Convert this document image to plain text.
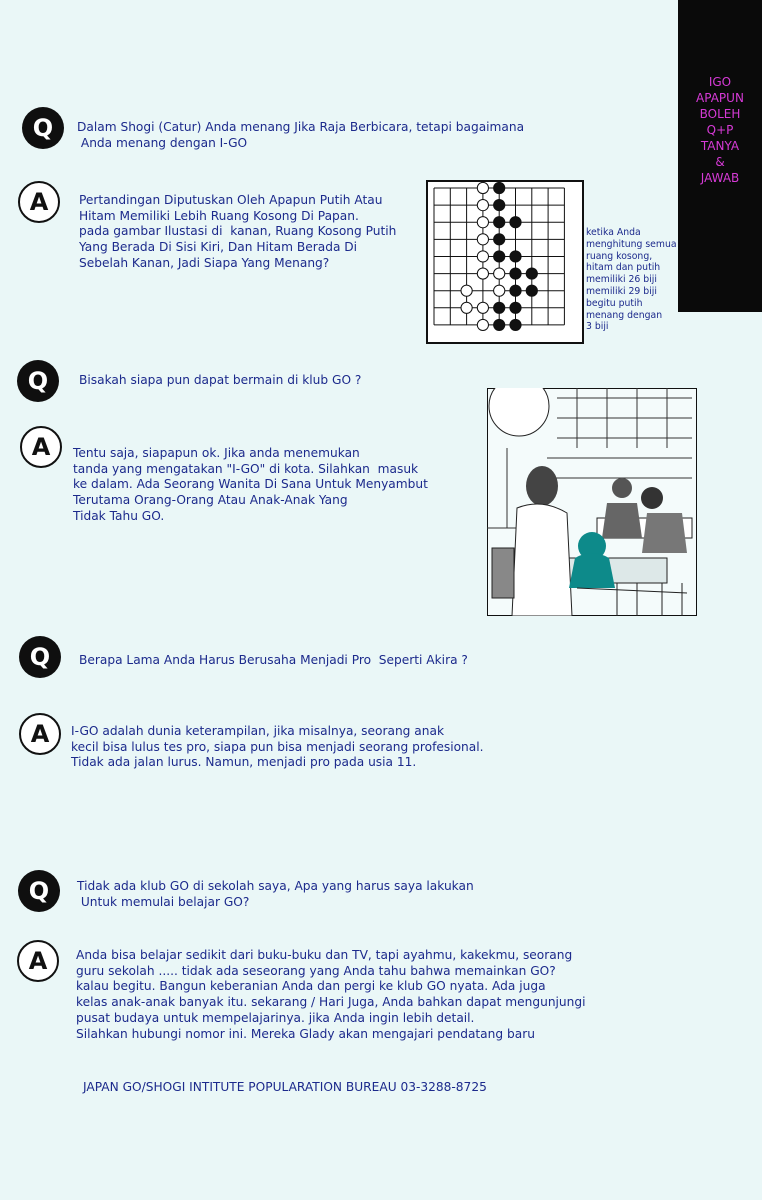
IGO
APAPUN
BOLEH
Q+P
TANYA
&
JAWAB
Q	Dalam Shogi (Catur) Anda menang Jika Raja Berbicara, tetapi bagaimana
Anda menang dengan I-GO
A	Pertandingan Diputuskan Oleh Apapun Putih Atau
Hitam Memiliki Lebih Ruang Kosong Di Papan.
pada gambar Ilustasi di  kanan, Ruang Kosong Putih
Yang Berada Di Sisi Kiri, Dan Hitam Berada Di
Sebelah Kanan, Jadi Siapa Yang Menang?
ketika Anda
menghitung semua
ruang kosong,
hitam dan putih
memiliki 26 biji
memiliki 29 biji
begitu putih
menang dengan
3 biji
Q	Bisakah siapa pun dapat bermain di klub GO ?
A	Tentu saja, siapapun ok. Jika anda menemukan
tanda yang mengatakan "I-GO" di kota. Silahkan  masuk
ke dalam. Ada Seorang Wanita Di Sana Untuk Menyambut
Terutama Orang-Orang Atau Anak-Anak Yang
Tidak Tahu GO.
Q	Berapa Lama Anda Harus Berusaha Menjadi Pro  Seperti Akira ?
A	I-GO adalah dunia keterampilan, jika misalnya, seorang anak
kecil bisa lulus tes pro, siapa pun bisa menjadi seorang profesional.
Tidak ada jalan lurus. Namun, menjadi pro pada usia 11.
Q	Tidak ada klub GO di sekolah saya, Apa yang harus saya lakukan
Untuk memulai belajar GO?
A	Anda bisa belajar sedikit dari buku-buku dan TV, tapi ayahmu, kakekmu, seorang
guru sekolah ..... tidak ada seseorang yang Anda tahu bahwa memainkan GO?
kalau begitu. Bangun keberanian Anda dan pergi ke klub GO nyata. Ada juga
kelas anak-anak banyak itu. sekarang / Hari Juga, Anda bahkan dapat mengunjungi
pusat budaya untuk mempelajarinya. jika Anda ingin lebih detail.
Silahkan hubungi nomor ini. Mereka Glady akan mengajari pendatang baru
JAPAN GO/SHOGI INTITUTE POPULARATION BUREAU 03-3288-8725
